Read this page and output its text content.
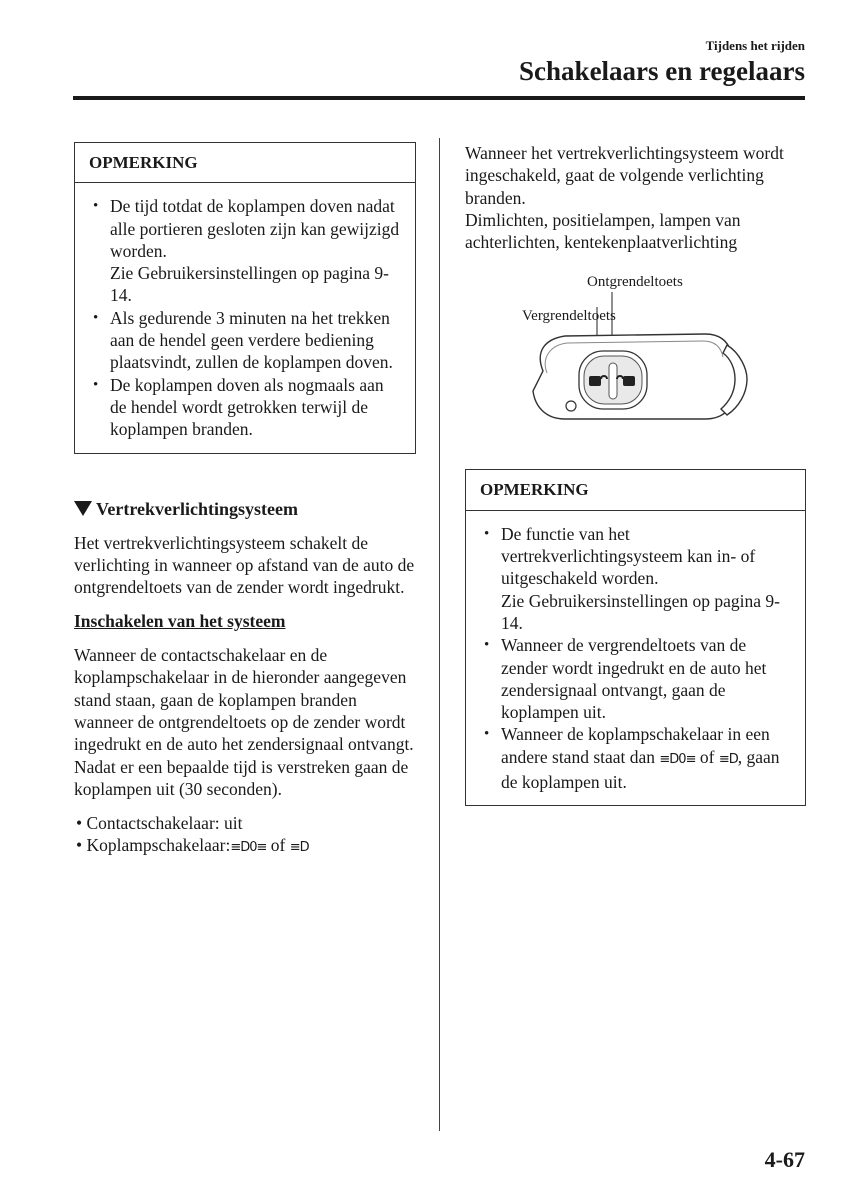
Tijdens het rijden
Schakelaars en regelaars
OPMERKING
• De tijd totdat de koplampen doven nadat alle portieren gesloten zijn kan gewijzigd worden.
Zie Gebruikersinstellingen op pagina 9-14.
• Als gedurende 3 minuten na het trekken aan de hendel geen verdere bediening plaatsvindt, zullen de koplampen doven.
• De koplampen doven als nogmaals aan de hendel wordt getrokken terwijl de koplampen branden.
Vertrekverlichtingsysteem

Het vertrekverlichtingsysteem schakelt de verlichting in wanneer op afstand van de auto de ontgrendeltoets van de zender wordt ingedrukt.

Inschakelen van het systeem

Wanneer de contactschakelaar en de koplampschakelaar in de hieronder aangegeven stand staan, gaan de koplampen branden wanneer de ontgrendeltoets op de zender wordt ingedrukt en de auto het zendersignaal ontvangt. Nadat er een bepaalde tijd is verstreken gaan de koplampen uit (30 seconden).

• Contactschakelaar: uit
• Koplampschakelaar:≡D0≡ of ≡D
Wanneer het vertrekverlichtingsysteem wordt ingeschakeld, gaat de volgende verlichting branden.
Dimlichten, positielampen, lampen van achterlichten, kentekenplaatverlichting
Ontgrendeltoets
Vergrendeltoets
OPMERKING
• De functie van het vertrekverlichtingsysteem kan in- of uitgeschakeld worden.
Zie Gebruikersinstellingen op pagina 9-14.
• Wanneer de vergrendeltoets van de zender wordt ingedrukt en de auto het zendersignaal ontvangt, gaan de koplampen uit.
• Wanneer de koplampschakelaar in een andere stand staat dan ≡D0≡ of ≡D, gaan de koplampen uit.
4-67
